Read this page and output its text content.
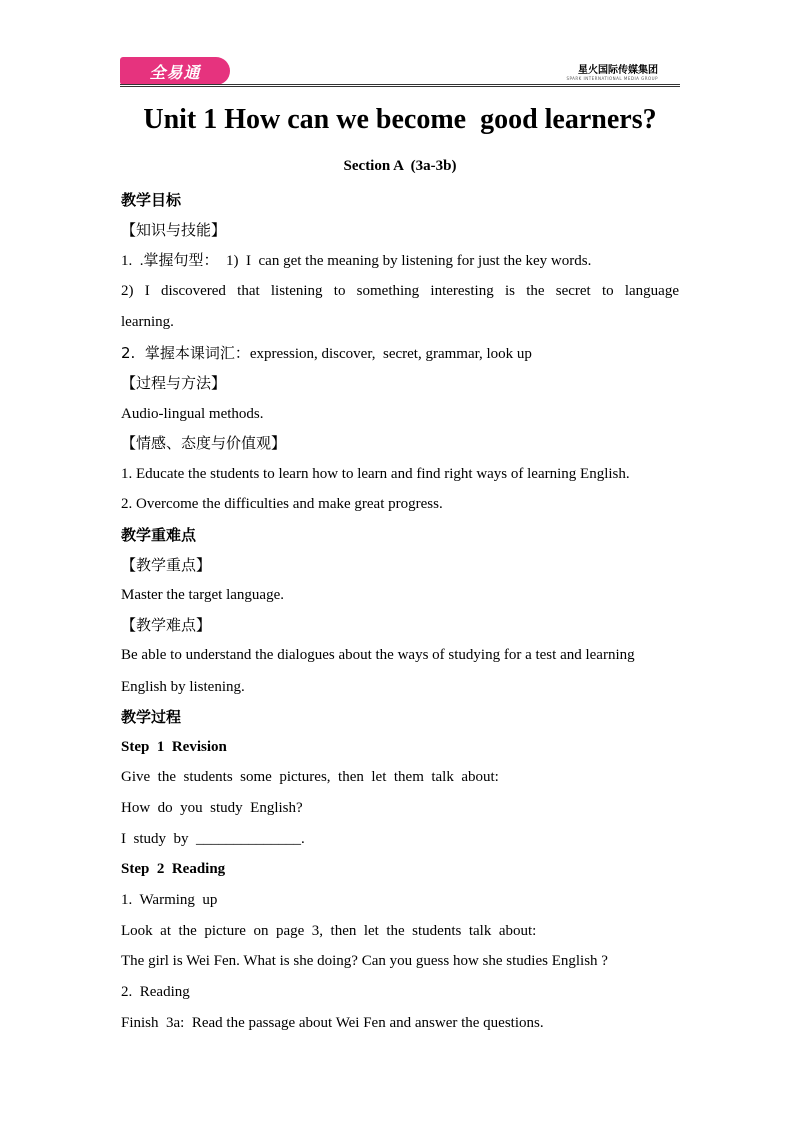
全易通	星火国际传媒集团
SPARK INTERNATIONAL MEDIA GROUP
Unit 1 How can we become  good learners?
Section A  (3a-3b)
教学目标
【知识与技能】
1.  .掌握句型：  1)  I  can get the meaning by listening for just the key words.
2) I discovered that listening to something interesting is the secret to language
learning.
2.  掌握本课词汇：expression, discover,  secret, grammar, look up
【过程与方法】
Audio-lingual methods.
【情感、态度与价值观】
1. Educate the students to learn how to learn and find right ways of learning English.
2. Overcome the difficulties and make great progress.
教学重难点
【教学重点】
Master the target language.
【教学难点】
Be able to understand the dialogues about the ways of studying for a test and learning
English by listening.
教学过程
Step  1  Revision
Give  the  students  some  pictures,  then  let  them  talk  about:
How  do  you  study  English?
I  study  by  ______________.
Step  2  Reading
1.  Warming  up
Look  at  the  picture  on  page  3,  then  let  the  students  talk  about:
The girl is Wei Fen. What is she doing? Can you guess how she studies English ?
2.  Reading
Finish  3a:  Read the passage about Wei Fen and answer the questions.
